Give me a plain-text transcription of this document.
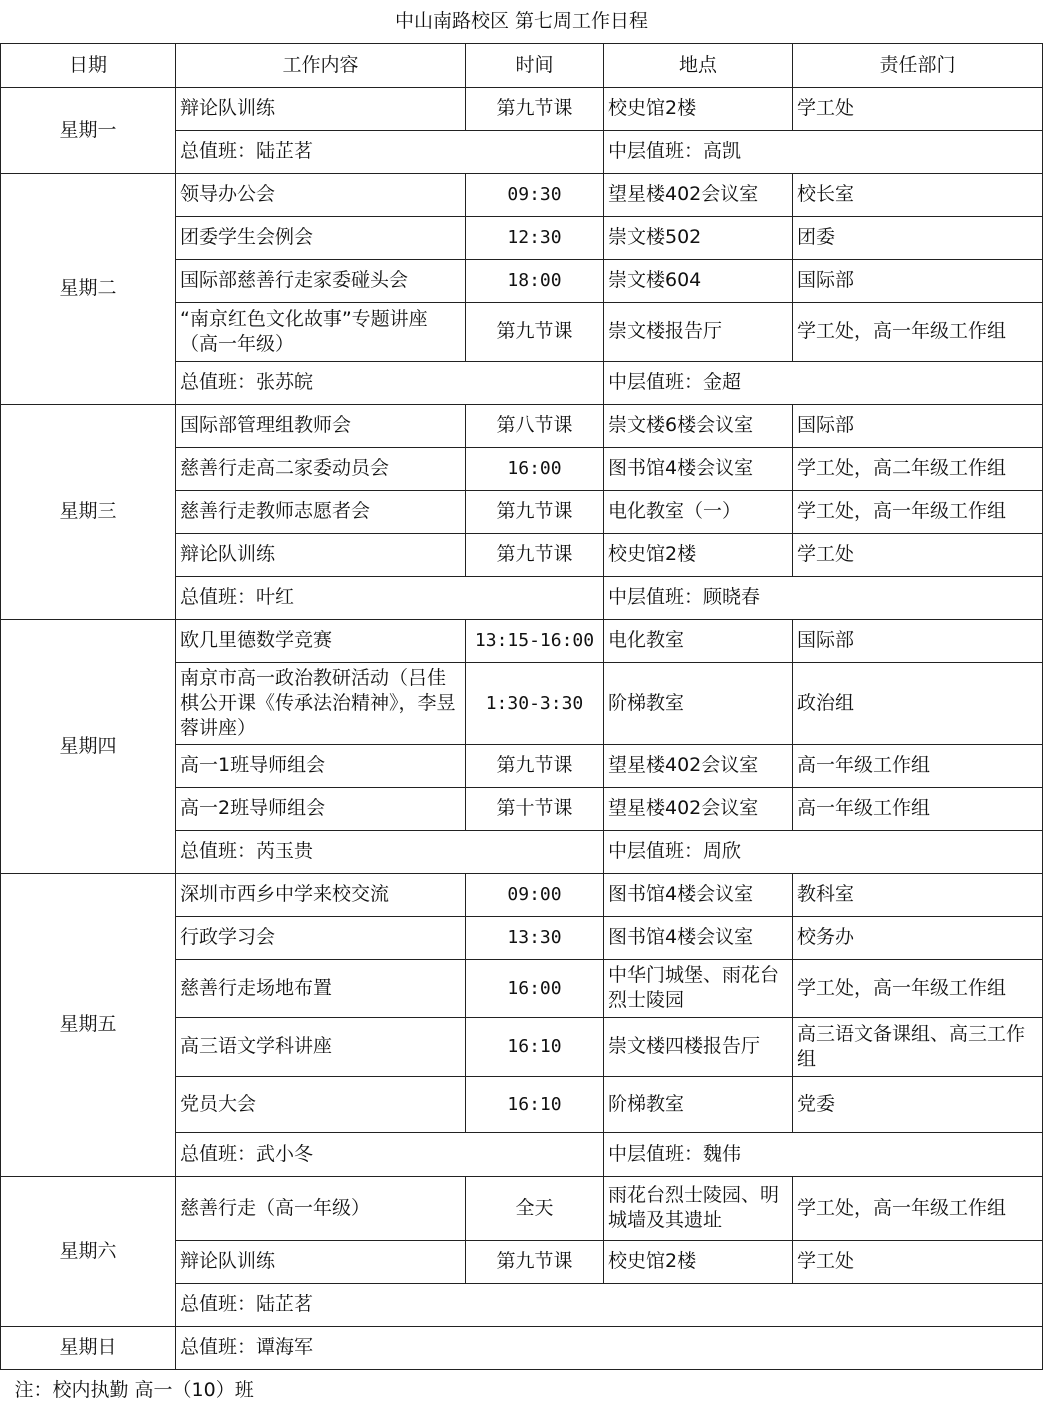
中山南路校区 第七周工作日程				
日期	工作内容	时间	地点	责任部门
星期一	辩论队训练	第九节课	校史馆2楼	学工处
	总值班：陆芷茗		中层值班：高凯	
星期二	领导办公会	09:30	望星楼402会议室	校长室
	团委学生会例会	12:30	崇文楼502	团委
	国际部慈善行走家委碰头会	18:00	崇文楼604	国际部
	“南京红色文化故事”专题讲座（高一年级）	第九节课	崇文楼报告厅	学工处，高一年级工作组
	总值班：张苏皖		中层值班：金超	
星期三	国际部管理组教师会	第八节课	崇文楼6楼会议室	国际部
	慈善行走高二家委动员会	16:00	图书馆4楼会议室	学工处，高二年级工作组
	慈善行走教师志愿者会	第九节课	电化教室（一）	学工处，高一年级工作组
	辩论队训练	第九节课	校史馆2楼	学工处
	总值班：叶红		中层值班：顾晓春	
星期四	欧几里德数学竞赛	13:15-16:00	电化教室	国际部
	南京市高一政治教研活动（吕佳棋公开课《传承法治精神》，李昱蓉讲座）	1:30-3:30	阶梯教室	政治组
	高一1班导师组会	第九节课	望星楼402会议室	高一年级工作组
	高一2班导师组会	第十节课	望星楼402会议室	高一年级工作组
	总值班：芮玉贵		中层值班：周欣	
星期五	深圳市西乡中学来校交流	09:00	图书馆4楼会议室	教科室
	行政学习会	13:30	图书馆4楼会议室	校务办
	慈善行走场地布置	16:00	中华门城堡、雨花台烈士陵园	学工处，高一年级工作组
	高三语文学科讲座	16:10	崇文楼四楼报告厅	高三语文备课组、高三工作组
	党员大会	16:10	阶梯教室	党委
	总值班：武小冬		中层值班：魏伟	
星期六	慈善行走（高一年级）	全天	雨花台烈士陵园、明城墙及其遗址	学工处，高一年级工作组
	辩论队训练	第九节课	校史馆2楼	学工处
	总值班：陆芷茗			
星期日	总值班：谭海军			
注：校内执勤 高一（10）班				
